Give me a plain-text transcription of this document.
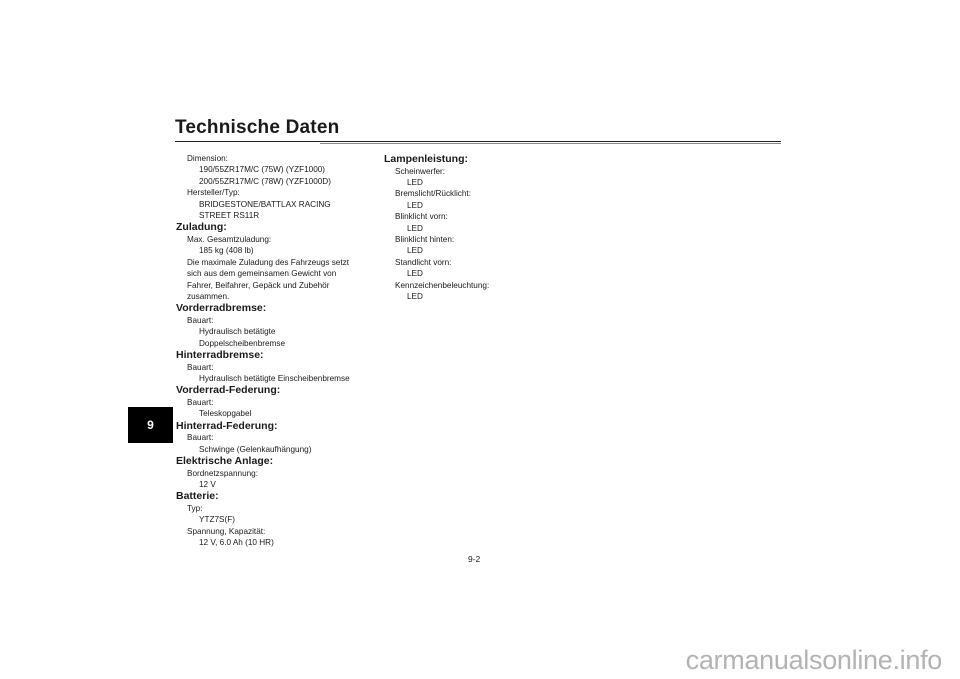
Technische Daten
9
Dimension:
190/55ZR17M/C (75W) (YZF1000)
200/55ZR17M/C (78W) (YZF1000D)
Hersteller/Typ:
BRIDGESTONE/BATTLAX RACING
STREET RS11R
Zuladung:
Max. Gesamtzuladung:
185 kg (408 lb)
Die maximale Zuladung des Fahrzeugs setzt
sich aus dem gemeinsamen Gewicht von
Fahrer, Beifahrer, Gepäck und Zubehör
zusammen.
Vorderradbremse:
Bauart:
Hydraulisch betätigte
Doppelscheibenbremse
Hinterradbremse:
Bauart:
Hydraulisch betätigte Einscheibenbremse
Vorderrad-Federung:
Bauart:
Teleskopgabel
Hinterrad-Federung:
Bauart:
Schwinge (Gelenkaufhängung)
Elektrische Anlage:
Bordnetzspannung:
12 V
Batterie:
Typ:
YTZ7S(F)
Spannung, Kapazität:
12 V, 6.0 Ah (10 HR)
Lampenleistung:
Scheinwerfer:
LED
Bremslicht/Rücklicht:
LED
Blinklicht vorn:
LED
Blinklicht hinten:
LED
Standlicht vorn:
LED
Kennzeichenbeleuchtung:
LED
9-2
carmanualsonline.info
